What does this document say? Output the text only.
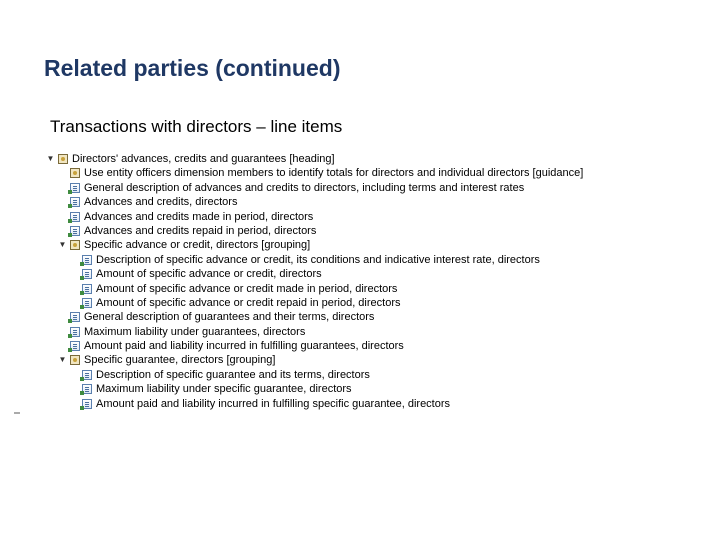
Related parties (continued)
Transactions with directors – line items
▼ Directors' advances, credits and guarantees [heading]
Use entity officers dimension members to identify totals for directors and individual directors [guidance]
General description of advances and credits to directors, including terms and interest rates
Advances and credits, directors
Advances and credits made in period, directors
Advances and credits repaid in period, directors
▼ Specific advance or credit, directors [grouping]
Description of specific advance or credit, its conditions and indicative interest rate, directors
Amount of specific advance or credit, directors
Amount of specific advance or credit made in period, directors
Amount of specific advance or credit repaid in period, directors
General description of guarantees and their terms, directors
Maximum liability under guarantees, directors
Amount paid and liability incurred in fulfilling guarantees, directors
▼ Specific guarantee, directors [grouping]
Description of specific guarantee and its terms, directors
Maximum liability under specific guarantee, directors
Amount paid and liability incurred in fulfilling specific guarantee, directors
